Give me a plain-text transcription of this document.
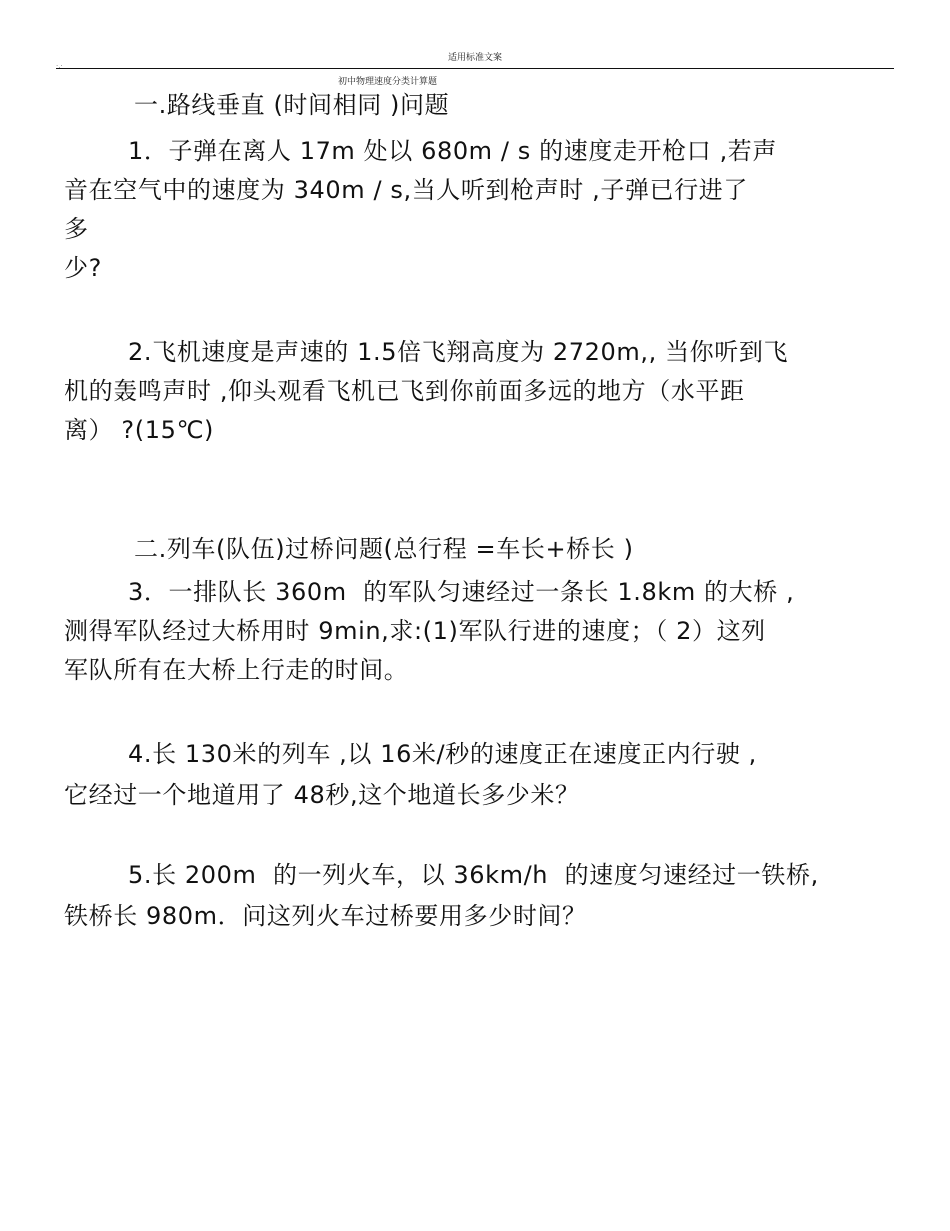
适用标准文案
·.·
初中物理速度分类计算题
一.路线垂直 (时间相同 )问题
1．子弹在离人 17m 处以 680m / s 的速度走开枪口 ,若声
音在空气中的速度为 340m / s,当人听到枪声时 ,子弹已行进了
多
少?
2.飞机速度是声速的 1.5倍飞翔高度为 2720m,, 当你听到飞
机的轰鸣声时 ,仰头观看飞机已飞到你前面多远的地方（水平距
离） ?(15℃)
二.列车(队伍)过桥问题(总行程 =车长+桥长 )
3．一排队长 360m  的军队匀速经过一条长 1.8km 的大桥 ,
测得军队经过大桥用时 9min,求:(1)军队行进的速度；（ 2）这列
军队所有在大桥上行走的时间。
4.长 130米的列车 ,以 16米/秒的速度正在速度正内行驶 ,
它经过一个地道用了 48秒,这个地道长多少米？
5.长 200m  的一列火车，以 36km/h  的速度匀速经过一铁桥,
铁桥长 980m．问这列火车过桥要用多少时间？
